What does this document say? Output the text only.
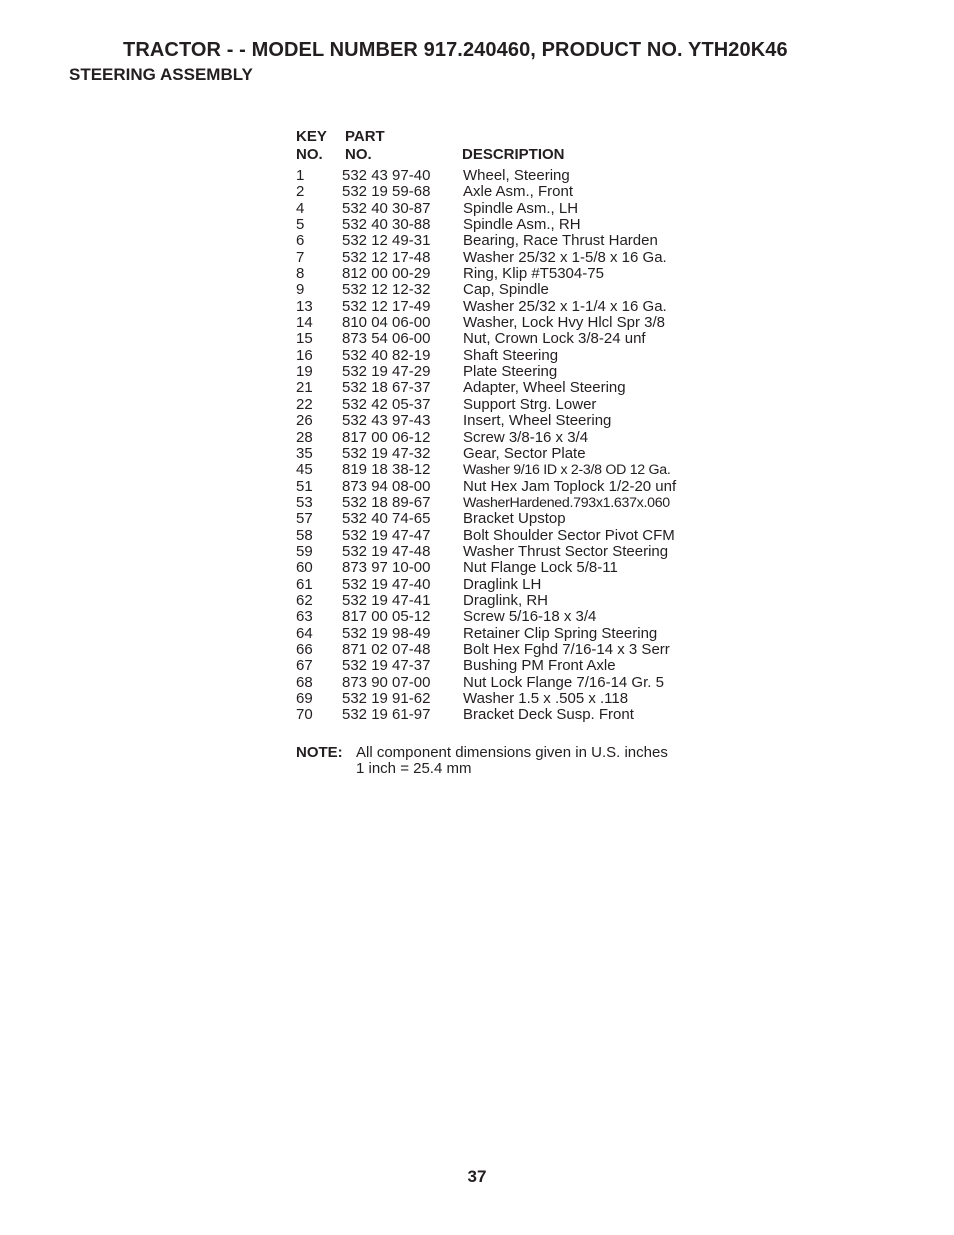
TRACTOR - - MODEL NUMBER 917.240460, PRODUCT NO. YTH20K46
STEERING ASSEMBLY
KEY
NO.
PART
NO.	DESCRIPTION
1	532 43 97-40 Wheel, Steering
2	532 19 59-68 Axle Asm., Front
4	532 40 30-87 Spindle Asm., LH
5	532 40 30-88 Spindle Asm., RH
6	532 12 49-31 Bearing, Race Thrust Harden
7	532 12 17-48 Washer 25/32 x 1-5/8 x 16 Ga.
8	812 00 00-29 Ring, Klip #T5304-75
9	532 12 12-32 Cap, Spindle
13 532 12 17-49 Washer 25/32 x 1-1/4 x 16 Ga.
14 810 04 06-00 Washer, Lock Hvy Hlcl Spr 3/8
15 873 54 06-00 Nut, Crown Lock 3/8-24 unf
16 532 40 82-19 Shaft Steering
19 532 19 47-29 Plate Steering
21 532 18 67-37 Adapter, Wheel Steering
22 532 42 05-37 Support Strg. Lower
26 532 43 97-43 Insert, Wheel Steering
28 817 00 06-12 Screw 3/8-16 x 3/4
35 532 19 47-32 Gear, Sector Plate
45 819 18 38-12 Washer 9/16 ID x 2-3/8 OD 12 Ga.
51 873 94 08-00 Nut Hex Jam Toplock 1/2-20 unf
53 532 18 89-67 WasherHardened.793x1.637x.060
57 532 40 74-65 Bracket Upstop
58 532 19 47-47 Bolt Shoulder Sector Pivot CFM
59 532 19 47-48 Washer Thrust Sector Steering
60 873 97 10-00 Nut Flange Lock 5/8-11
61 532 19 47-40 Draglink LH
62 532 19 47-41 Draglink, RH
63 817 00 05-12 Screw 5/16-18 x 3/4
64 532 19 98-49 Retainer Clip Spring Steering
66 871 02 07-48 Bolt Hex Fghd 7/16-14 x 3 Serr
67 532 19 47-37 Bushing PM Front Axle
68 873 90 07-00 Nut Lock Flange 7/16-14 Gr. 5
69 532 19 91-62 Washer 1.5 x .505 x .118
70 532 19 61-97 Bracket Deck Susp. Front
NOTE: All component dimensions given in U.S. inches
1 inch = 25.4 mm
37
